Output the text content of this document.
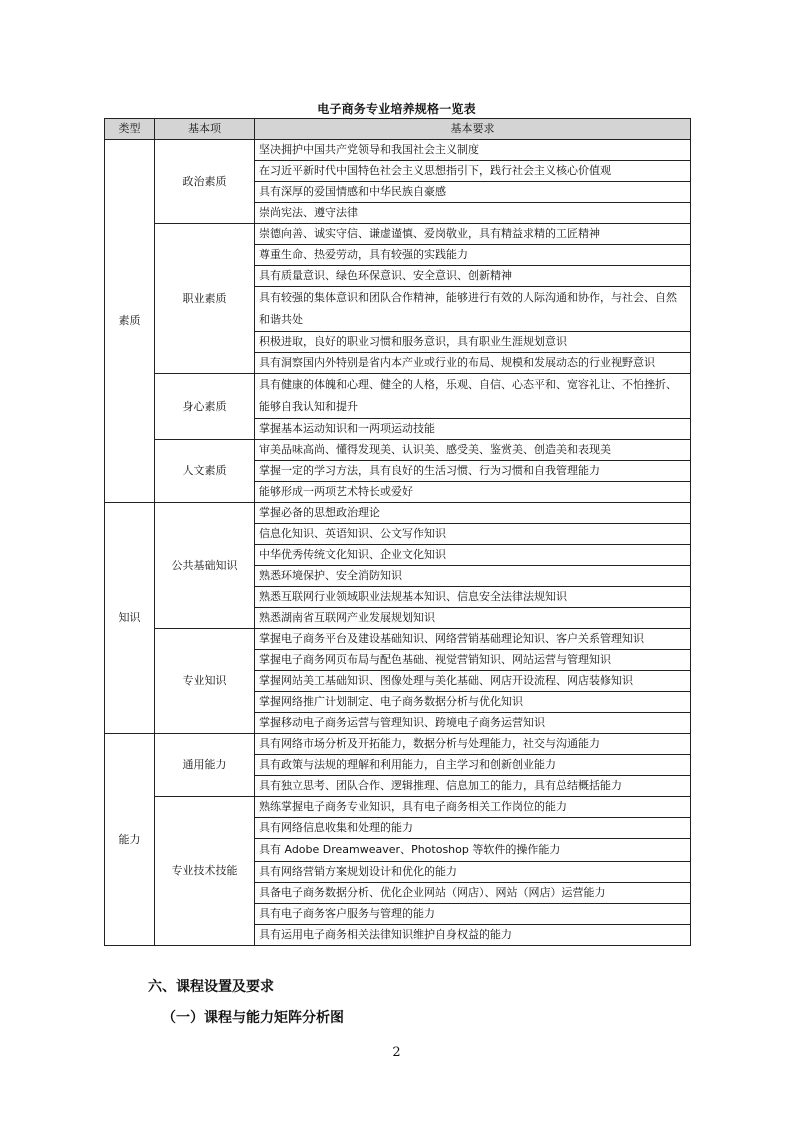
电子商务专业培养规格一览表
类型	基本项	基本要求
素质	政治素质	坚决拥护中国共产党领导和我国社会主义制度
		在习近平新时代中国特色社会主义思想指引下，践行社会主义核心价值观
		具有深厚的爱国情感和中华民族自豪感
		崇尚宪法、遵守法律
	职业素质	崇德向善、诚实守信、谦虚谨慎、爱岗敬业，具有精益求精的工匠精神
		尊重生命、热爱劳动，具有较强的实践能力
		具有质量意识、绿色环保意识、安全意识、创新精神
		具有较强的集体意识和团队合作精神，能够进行有效的人际沟通和协作，与社会、自然和谐共处
		积极进取，良好的职业习惯和服务意识，具有职业生涯规划意识
		具有洞察国内外特别是省内本产业或行业的布局、规模和发展动态的行业视野意识
	身心素质	具有健康的体魄和心理、健全的人格，乐观、自信、心态平和、宽容礼让、不怕挫折、能够自我认知和提升
		掌握基本运动知识和一两项运动技能
	人文素质	审美品味高尚、懂得发现美、认识美、感受美、鉴赏美、创造美和表现美
		掌握一定的学习方法，具有良好的生活习惯、行为习惯和自我管理能力
		能够形成一两项艺术特长或爱好
知识	公共基础知识	掌握必备的思想政治理论
		信息化知识、英语知识、公文写作知识
		中华优秀传统文化知识、企业文化知识
		熟悉环境保护、安全消防知识
		熟悉互联网行业领域职业法规基本知识、信息安全法律法规知识
		熟悉湖南省互联网产业发展规划知识
	专业知识	掌握电子商务平台及建设基础知识、网络营销基础理论知识、客户关系管理知识
		掌握电子商务网页布局与配色基础、视觉营销知识、网站运营与管理知识
		掌握网站美工基础知识、图像处理与美化基础、网店开设流程、网店装修知识
		掌握网络推广计划制定、电子商务数据分析与优化知识
		掌握移动电子商务运营与管理知识、跨境电子商务运营知识
能力	通用能力	具有网络市场分析及开拓能力，数据分析与处理能力，社交与沟通能力
		具有政策与法规的理解和利用能力，自主学习和创新创业能力
		具有独立思考、团队合作、逻辑推理、信息加工的能力，具有总结概括能力
	专业技术技能	熟练掌握电子商务专业知识，具有电子商务相关工作岗位的能力
		具有网络信息收集和处理的能力
		具有 Adobe Dreamweaver、Photoshop 等软件的操作能力
		具有网络营销方案规划设计和优化的能力
		具备电子商务数据分析、优化企业网站（网店）、网站（网店）运营能力
		具有电子商务客户服务与管理的能力
		具有运用电子商务相关法律知识维护自身权益的能力
六、课程设置及要求
（一）课程与能力矩阵分析图
2
